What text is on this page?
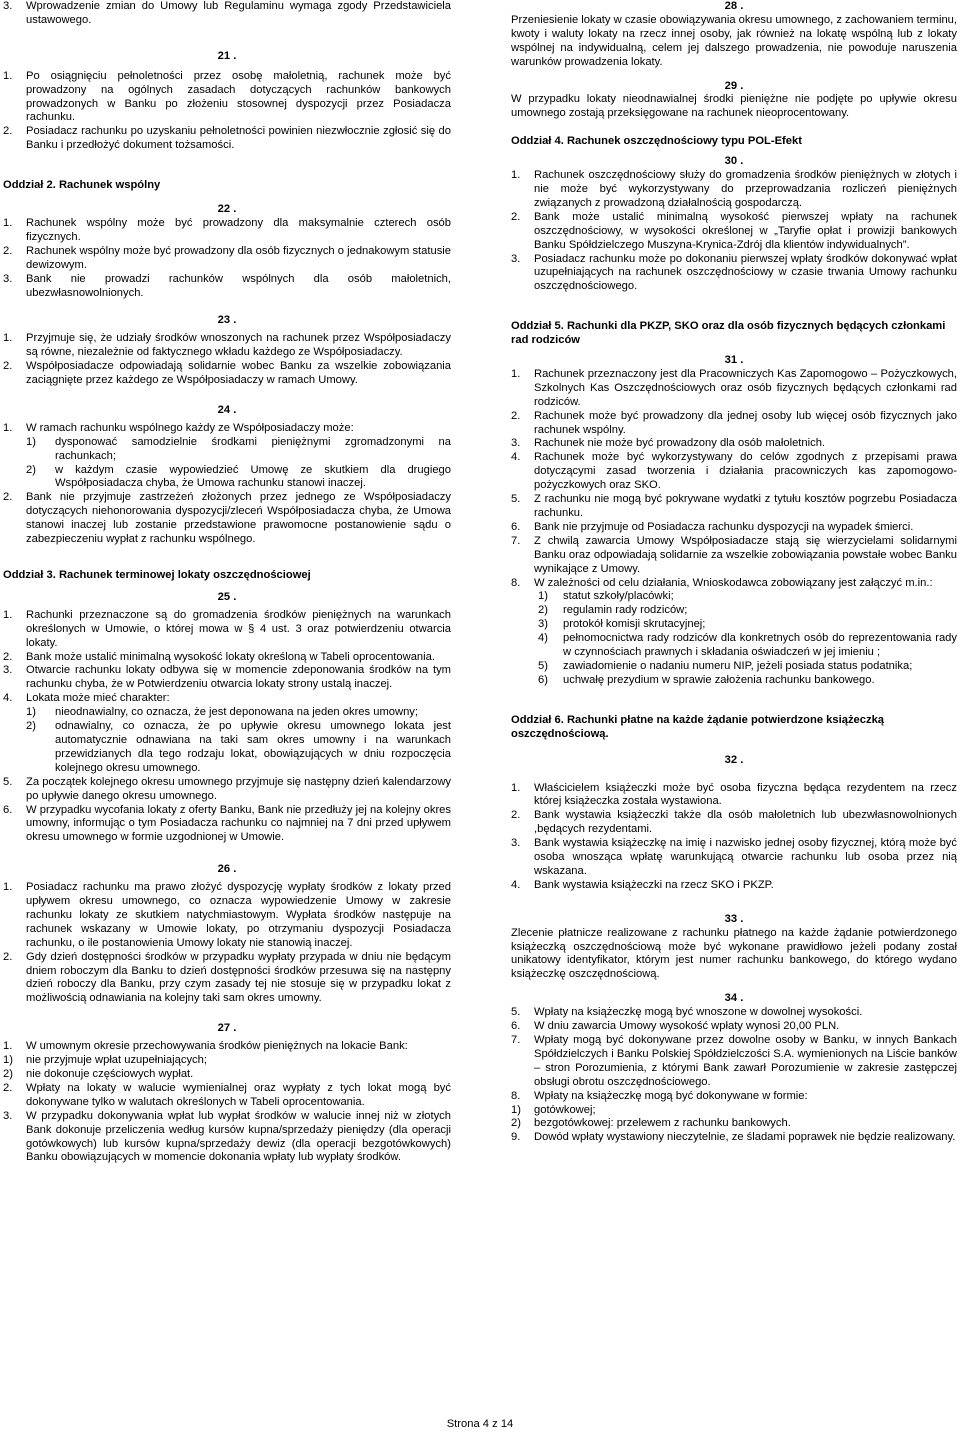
3. Wprowadzenie zmian do Umowy lub Regulaminu wymaga zgody Przedstawiciela ustawowego.
21 .
1. Po osiągnięciu pełnoletności przez osobę małoletnią, rachunek może być prowadzony na ogólnych zasadach dotyczących rachunków bankowych prowadzonych w Banku po złożeniu stosownej dyspozycji przez Posiadacza rachunku.
2. Posiadacz rachunku po uzyskaniu pełnoletności powinien niezwłocznie zgłosić się do Banku i przedłożyć dokument tożsamości.
Oddział 2. Rachunek wspólny
22 .
1. Rachunek wspólny może być prowadzony dla maksymalnie czterech osób fizycznych.
2. Rachunek wspólny może być prowadzony dla osób fizycznych o jednakowym statusie dewizowym.
3. Bank nie prowadzi rachunków wspólnych dla osób małoletnich, ubezwłasnowolnionych.
23 .
1. Przyjmuje się, że udziały środków wnoszonych na rachunek przez Współposiadaczy są równe, niezależnie od faktycznego wkładu każdego ze Współposiadaczy.
2. Współposiadacze odpowiadają solidarnie wobec Banku za wszelkie zobowiązania zaciągnięte przez każdego ze Współposiadaczy w ramach Umowy.
24 .
1. W ramach rachunku wspólnego każdy ze Współposiadaczy może:
1) dysponować samodzielnie środkami pieniężnymi zgromadzonymi na rachunkach;
2) w każdym czasie wypowiedzieć Umowę ze skutkiem dla drugiego Współposiadacza chyba, że Umowa rachunku stanowi inaczej.
2. Bank nie przyjmuje zastrzeżeń złożonych przez jednego ze Współposiadaczy dotyczących niehonorowania dyspozycji/zleceń Współposiadacza chyba, że Umowa stanowi inaczej lub zostanie przedstawione prawomocne postanowienie sądu o zabezpieczeniu wypłat z rachunku wspólnego.
Oddział 3. Rachunek terminowej lokaty oszczędnościowej
25 .
1. Rachunki przeznaczone są do gromadzenia środków pieniężnych na warunkach określonych w Umowie, o której mowa w § 4 ust. 3 oraz potwierdzeniu otwarcia lokaty.
2. Bank może ustalić minimalną wysokość lokaty określoną w Tabeli oprocentowania.
3. Otwarcie rachunku lokaty odbywa się w momencie zdeponowania środków na tym rachunku chyba, że w Potwierdzeniu otwarcia lokaty strony ustalą inaczej.
4. Lokata może mieć charakter:
1) nieodnawialny, co oznacza, że jest deponowana na jeden okres umowny;
2) odnawialny, co oznacza, że po upływie okresu umownego lokata jest automatycznie odnawiana na taki sam okres umowny i na warunkach przewidzianych dla tego rodzaju lokat, obowiązujących w dniu rozpoczęcia kolejnego okresu umownego.
5. Za początek kolejnego okresu umownego przyjmuje się następny dzień kalendarzowy po upływie danego okresu umownego.
6. W przypadku wycofania lokaty z oferty Banku, Bank nie przedłuży jej na kolejny okres umowny, informując o tym Posiadacza rachunku co najmniej na 7 dni przed upływem okresu umownego w formie uzgodnionej w Umowie.
26 .
1. Posiadacz rachunku ma prawo złożyć dyspozycję wypłaty środków z lokaty przed upływem okresu umownego, co oznacza wypowiedzenie Umowy w zakresie rachunku lokaty ze skutkiem natychmiastowym. Wypłata środków następuje na rachunek wskazany w Umowie lokaty, po otrzymaniu dyspozycji Posiadacza rachunku, o ile postanowienia Umowy lokaty nie stanowią inaczej.
2. Gdy dzień dostępności środków w przypadku wypłaty przypada w dniu nie będącym dniem roboczym dla Banku to dzień dostępności środków przesuwa się na następny dzień roboczy dla Banku, przy czym zasady tej nie stosuje się w przypadku lokat z możliwością odnawiania na kolejny taki sam okres umowny.
27 .
1. W umownym okresie przechowywania środków pieniężnych na lokacie Bank:
1) nie przyjmuje wpłat uzupełniających;
2) nie dokonuje częściowych wypłat.
2. Wpłaty na lokaty w walucie wymienialnej oraz wypłaty z tych lokat mogą być dokonywane tylko w walutach określonych w Tabeli oprocentowania.
3. W przypadku dokonywania wpłat lub wypłat środków w walucie innej niż w złotych Bank dokonuje przeliczenia według kursów kupna/sprzedaży pieniędzy (dla operacji gotówkowych) lub kursów kupna/sprzedaży dewiz (dla operacji bezgotówkowych) Banku obowiązujących w momencie dokonania wpłaty lub wypłaty środków.
28 .
Przeniesienie lokaty w czasie obowiązywania okresu umownego, z zachowaniem terminu, kwoty i waluty lokaty na rzecz innej osoby, jak również na lokatę wspólną lub z lokaty wspólnej na indywidualną, celem jej dalszego prowadzenia, nie powoduje naruszenia warunków prowadzenia lokaty.
29 .
W przypadku lokaty nieodnawialnej środki pieniężne nie podjęte po upływie okresu umownego zostają przeksięgowane na rachunek nieoprocentowany.
Oddział 4. Rachunek oszczędnościowy typu POL-Efekt
30 .
1. Rachunek oszczędnościowy służy do gromadzenia środków pieniężnych w złotych i nie może być wykorzystywany do przeprowadzania rozliczeń pieniężnych związanych z prowadzoną działalnością gospodarczą.
2. Bank może ustalić minimalną wysokość pierwszej wpłaty na rachunek oszczędnościowy, w wysokości określonej w „Taryfie opłat i prowizji bankowych Banku Spółdzielczego Muszyna-Krynica-Zdrój dla klientów indywidualnych”.
3. Posiadacz rachunku może po dokonaniu pierwszej wpłaty środków dokonywać wpłat uzupełniających na rachunek oszczędnościowy w czasie trwania Umowy rachunku oszczędnościowego.
Oddział 5. Rachunki dla PKZP, SKO oraz dla osób fizycznych będących członkami rad rodziców
31 .
1. Rachunek przeznaczony jest dla Pracowniczych Kas Zapomogowo – Pożyczkowych, Szkolnych Kas Oszczędnościowych oraz osób fizycznych będących członkami rad rodziców.
2. Rachunek może być prowadzony dla jednej osoby lub więcej osób fizycznych jako rachunek wspólny.
3. Rachunek nie może być prowadzony dla osób małoletnich.
4. Rachunek może być wykorzystywany do celów zgodnych z przepisami prawa dotyczącymi zasad tworzenia i działania pracowniczych kas zapomogowo-pożyczkowych oraz SKO.
5. Z rachunku nie mogą być pokrywane wydatki z tytułu kosztów pogrzebu Posiadacza rachunku.
6. Bank nie przyjmuje od Posiadacza rachunku dyspozycji na wypadek śmierci.
7. Z chwilą zawarcia Umowy Współposiadacze stają się wierzycielami solidarnymi Banku oraz odpowiadają solidarnie za wszelkie zobowiązania powstałe wobec Banku wynikające z Umowy.
8. W zależności od celu działania, Wnioskodawca zobowiązany jest załączyć m.in.:
1) statut szkoły/placówki;
2) regulamin rady rodziców;
3) protokół komisji skrutacyjnej;
4) pełnomocnictwa rady rodziców dla konkretnych osób do reprezentowania rady w czynnościach prawnych i składania oświadczeń w jej imieniu ;
5) zawiadomienie o nadaniu numeru NIP, jeżeli posiada status podatnika;
6) uchwałę prezydium w sprawie założenia rachunku bankowego.
Oddział 6. Rachunki płatne na każde żądanie potwierdzone książeczką oszczędnościową.
32 .
1. Właścicielem książeczki może być osoba fizyczna będąca rezydentem na rzecz której książeczka została wystawiona.
2. Bank wystawia książeczki także dla osób małoletnich lub ubezwłasnowolnionych ,będących rezydentami.
3. Bank wystawia książeczkę na imię i nazwisko jednej osoby fizycznej, którą może być osoba wnosząca wpłatę warunkującą otwarcie rachunku lub osoba przez nią wskazana.
4. Bank wystawia książeczki na rzecz SKO i PKZP.
33 .
Zlecenie płatnicze realizowane z rachunku płatnego na każde żądanie potwierdzonego książeczką oszczędnościową może być wykonane prawidłowo jeżeli podany został unikatowy identyfikator, którym jest numer rachunku bankowego, do którego wydano książeczkę oszczędnościową.
34 .
5. Wpłaty na książeczkę mogą być wnoszone w dowolnej wysokości.
6. W dniu zawarcia Umowy wysokość wpłaty wynosi 20,00 PLN.
7. Wpłaty mogą być dokonywane przez dowolne osoby w Banku, w innych Bankach Spółdzielczych i Banku Polskiej Spółdzielczości S.A. wymienionych na Liście banków – stron Porozumienia, z którymi Bank zawarł Porozumienie w zakresie zastępczej obsługi obrotu oszczędnościowego.
8. Wpłaty na książeczkę mogą być dokonywane w formie:
1) gotówkowej;
2) bezgotówkowej: przelewem z rachunku bankowych.
9. Dowód wpłaty wystawiony nieczytelnie, ze śladami poprawek nie będzie realizowany.
Strona 4 z 14
